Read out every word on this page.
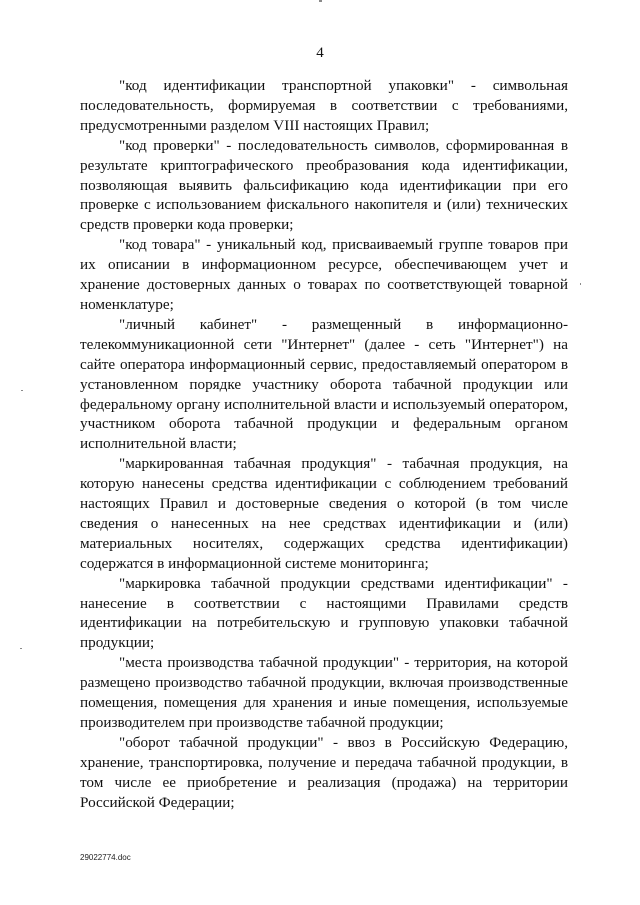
4

"код идентификации транспортной упаковки" - символьная последовательность, формируемая в соответствии с требованиями, предусмотренными разделом VIII настоящих Правил;

"код проверки" - последовательность символов, сформированная в результате криптографического преобразования кода идентификации, позволяющая выявить фальсификацию кода идентификации при его проверке с использованием фискального накопителя и (или) технических средств проверки кода проверки;

"код товара" - уникальный код, присваиваемый группе товаров при их описании в информационном ресурсе, обеспечивающем учет и хранение достоверных данных о товарах по соответствующей товарной номенклатуре;

"личный кабинет" - размещенный в информационно-телекоммуникационной сети "Интернет" (далее - сеть "Интернет") на сайте оператора информационный сервис, предоставляемый оператором в установленном порядке участнику оборота табачной продукции или федеральному органу исполнительной власти и используемый оператором, участником оборота табачной продукции и федеральным органом исполнительной власти;

"маркированная табачная продукция" - табачная продукция, на которую нанесены средства идентификации с соблюдением требований настоящих Правил и достоверные сведения о которой (в том числе сведения о нанесенных на нее средствах идентификации и (или) материальных носителях, содержащих средства идентификации) содержатся в информационной системе мониторинга;

"маркировка табачной продукции средствами идентификации" - нанесение в соответствии с настоящими Правилами средств идентификации на потребительскую и групповую упаковки табачной продукции;

"места производства табачной продукции" - территория, на которой размещено производство табачной продукции, включая производственные помещения, помещения для хранения и иные помещения, используемые производителем при производстве табачной продукции;

"оборот табачной продукции" - ввоз в Российскую Федерацию, хранение, транспортировка, получение и передача табачной продукции, в том числе ее приобретение и реализация (продажа) на территории Российской Федерации;

29022774.doc
